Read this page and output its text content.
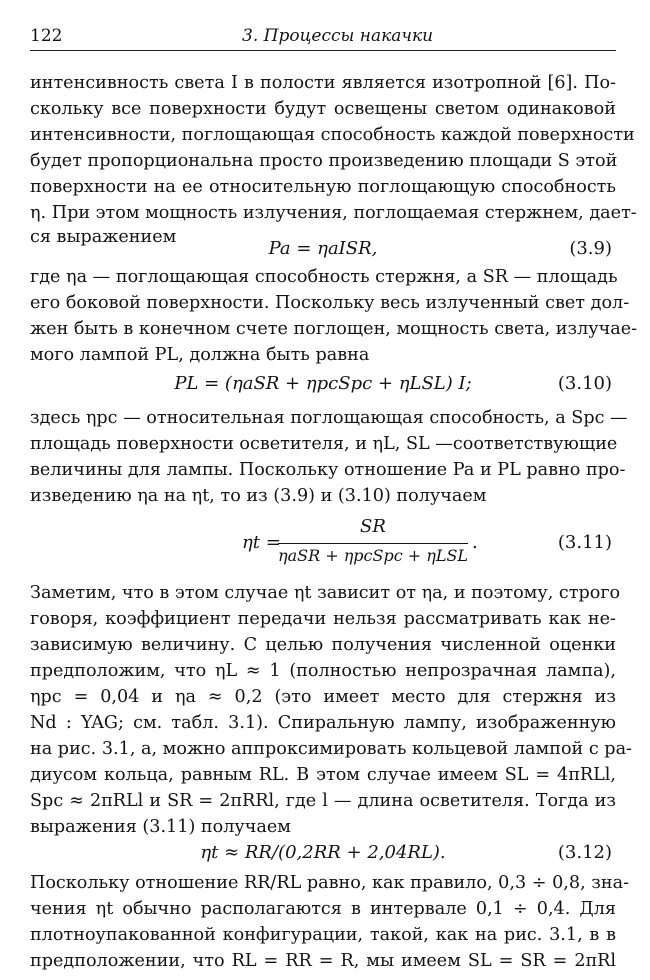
122	3. Процессы накачки
интенсивность света I в полости является изотропной [6]. По-
скольку все поверхности будут освещены светом одинаковой
интенсивности, поглощающая способность каждой поверхности
будет пропорциональна просто произведению площади S этой
поверхности на ее относительную поглощающую способность
η. При этом мощность излучения, поглощаемая стержнем, дает-
ся выражением
Pa = ηaISR,	(3.9)
где ηa — поглощающая способность стержня, а SR — площадь
его боковой поверхности. Поскольку весь излученный свет дол-
жен быть в конечном счете поглощен, мощность света, излучае-
мого лампой PL, должна быть равна
PL = (ηaSR + ηpcSpc + ηLSL) I;	(3.10)
здесь ηpc — относительная поглощающая способность, а Spc —
площадь поверхности осветителя, и ηL, SL —соответствующие
величины для лампы. Поскольку отношение Pa и PL равно про-
изведению ηa на ηt, то из (3.9) и (3.10) получаем
ηt =
SR
ηaSR + ηpcSpc + ηLSL
.	(3.11)
Заметим, что в этом случае ηt зависит от ηa, и поэтому, строго
говоря, коэффициент передачи нельзя рассматривать как не-
зависимую величину. С целью получения численной оценки
предположим, что ηL ≈ 1 (полностью непрозрачная лампа),
ηpc = 0,04 и ηa ≈ 0,2 (это имеет место для стержня из
Nd : YAG; см. табл. 3.1). Спиральную лампу, изображенную
на рис. 3.1, а, можно аппроксимировать кольцевой лампой с ра-
диусом кольца, равным RL. В этом случае имеем SL = 4πRLl,
Spc ≈ 2πRLl и SR = 2πRRl, где l — длина осветителя. Тогда из
выражения (3.11) получаем
ηt ≈ RR/(0,2RR + 2,04RL).	(3.12)
Поскольку отношение RR/RL равно, как правило, 0,3 ÷ 0,8, зна-
чения ηt обычно располагаются в интервале 0,1 ÷ 0,4. Для
плотноупакованной конфигурации, такой, как на рис. 3.1, в в
предположении, что RL = RR = R, мы имеем SL = SR = 2πRl
